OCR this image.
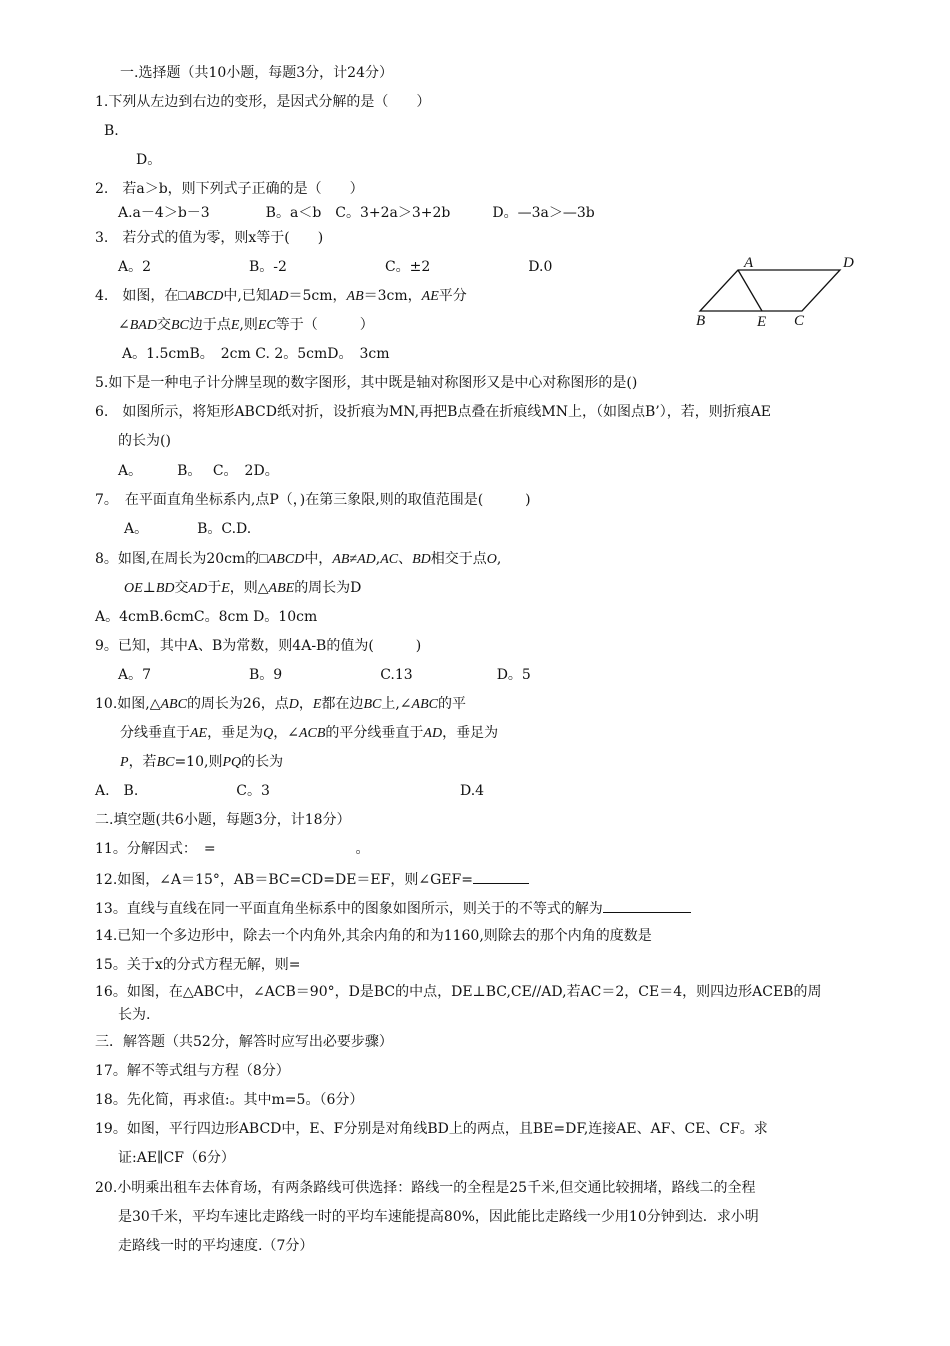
一.选择题（共10小题，每题3分，计24分）
1.下列从左边到右边的变形，是因式分解的是（　　）
B.
D。
2.　若a＞b，则下列式子正确的是（　　）
A.a－4＞b－3　　　　B。a＜b　C。3+2a＞3+2b　　　D。—3a＞—3b
3.　若分式的值为零，则x等于(　　)
A。2　　　　　　　B。-2　　　　　　　C。±2　　　　　　　D.0
4.　如图，在□ABCD中,已知AD＝5cm，AB＝3cm，AE平分
∠BAD交BC边于点E,则EC等于（　　　）
A。1.5cmB。　2cm C. 2。5cmD。　3cm
A	D
B	E C
5.如下是一种电子计分牌呈现的数字图形，其中既是轴对称图形又是中心对称图形的是()
6.　如图所示，将矩形ABCD纸对折，设折痕为MN,再把B点叠在折痕线MN上，（如图点B’），若，则折痕AE
的长为()
A。　　　B。　 C。　2D。
7。　在平面直角坐标系内,点P（，)在第三象限,则的取值范围是(　　　)
A。　　　　B。C.D.
8。如图,在周长为20cm的□ABCD中，AB≠AD,AC、BD相交于点O,
OE⊥BD交AD于E，则△ABE的周长为D
A。4cmB.6cmC。8cm D。10cm
9。已知，其中A、B为常数，则4A-B的值为(　　　)
A。7　　　　　　　B。9　　　　　　　C.13　　　　　　D。5
10.如图,△ABC的周长为26，点D，E都在边BC上,∠ABC的平
分线垂直于AE，垂足为Q，∠ACB的平分线垂直于AD，垂足为
P，若BC=10,则PQ的长为
A.　B.　　　　　　　C。3	D.4
二.填空题(共6小题，每题3分，计18分）
11。分解因式：　=　　　　　　　　　　。
12.如图，∠A＝15°，AB＝BC=CD=DE＝EF，则∠GEF=
13。直线与直线在同一平面直角坐标系中的图象如图所示，则关于的不等式的解为
14.已知一个多边形中，除去一个内角外,其余内角的和为1160,则除去的那个内角的度数是
15。关于x的分式方程无解，则=
16。如图，在△ABC中，∠ACB＝90°，D是BC的中点，DE⊥BC,CE//AD,若AC＝2，CE＝4，则四边形ACEB的周
长为.
三．解答题（共52分，解答时应写出必要步骤）
17。解不等式组与方程（8分）
18。先化简，再求值:。其中m=5。（6分）
19。如图，平行四边形ABCD中，E、F分别是对角线BD上的两点，且BE=DF,连接AE、AF、CE、CF。求
证:AE∥CF（6分）
20.小明乘出租车去体育场，有两条路线可供选择：路线一的全程是25千米,但交通比较拥堵，路线二的全程
是30千米，平均车速比走路线一时的平均车速能提高80%，因此能比走路线一少用10分钟到达．求小明
走路线一时的平均速度.（7分）
